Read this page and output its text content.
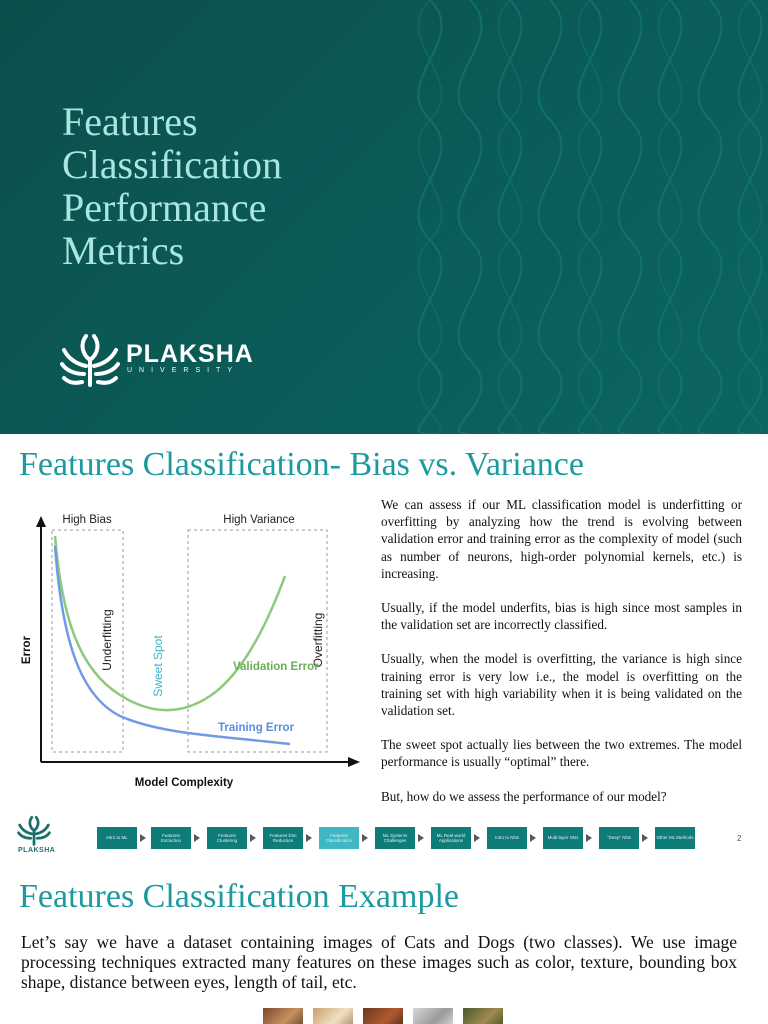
Features
Classification
Performance
Metrics
PLAKSHA
UNIVERSITY
Features Classification- Bias vs. Variance
High Bias	High Variance
Underfitting	Overfitting
Sweet Spot	Validation Error
Training Error
Model Complexity
Error

We can assess if our ML classification model is underfitting or overfitting by analyzing how the trend is evolving between validation error and training error as the complexity of model (such as number of neurons, high-order polynomial kernels, etc.) is increasing.

Usually, if the model underfits, bias is high since most samples in the validation set are incorrectly classified.

Usually, when the model is overfitting, the variance is high since training error is very low i.e., the model is overfitting on the training set with high variability when it is being validated on the validation set.

The sweet spot actually lies between the two extremes. The model performance is usually “optimal” there.

But, how do we assess the performance of our model?

PLAKSHA
Intro to ML
Features Extraction
Features Clustering
Features Dim Reduction
Features Classification
ML Systems Challenges
ML Real-world Applications
Intro to NNs	Multi-layer NNs	"Deep" NNs	Other ML Methods	2
Features Classification Example
Let’s say we have a dataset containing images of Cats and Dogs (two classes). We use image processing techniques extracted many features on these images such as color, texture, bounding box shape, distance between eyes, length of tail, etc.
